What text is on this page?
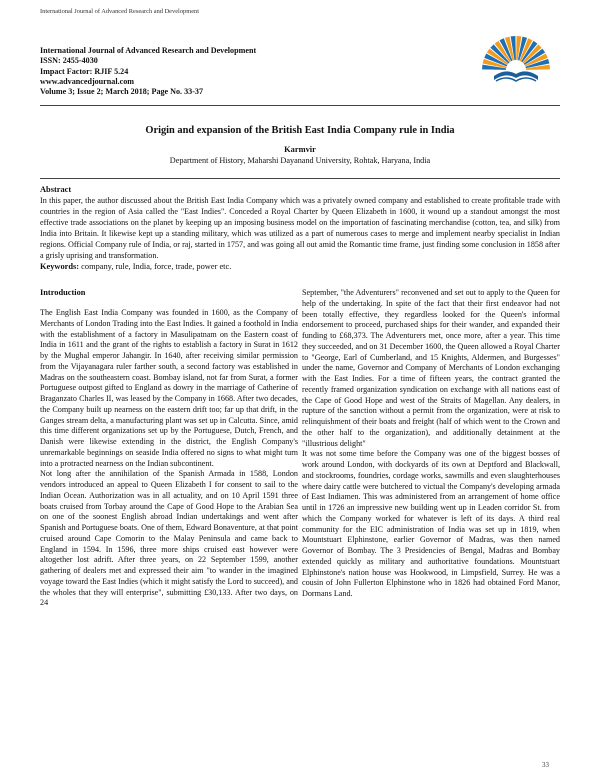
International Journal of Advanced Research and Development
International Journal of Advanced Research and Development
ISSN: 2455-4030
Impact Factor: RJIF 5.24
www.advancedjournal.com
Volume 3; Issue 2; March 2018; Page No. 33-37
Origin and expansion of the British East India Company rule in India
Karmvir
Department of History, Maharshi Dayanand University, Rohtak, Haryana, India
Abstract
In this paper, the author discussed about the British East India Company which was a privately owned company and established to create profitable trade with countries in the region of Asia called the "East Indies". Conceded a Royal Charter by Queen Elizabeth in 1600, it wound up a standout amongst the most effective trade associations on the planet by keeping up an imposing business model on the importation of fascinating merchandise (cotton, tea, and silk) from India into Britain. It likewise kept up a standing military, which was utilized as a part of numerous cases to merge and implement nearby specialist in Indian regions. Official Company rule of India, or raj, started in 1757, and was going all out amid the Romantic time frame, just finding some conclusion in 1858 after a grisly uprising and transformation.
Keywords: company, rule, India, force, trade, power etc.
Introduction

The English East India Company was founded in 1600, as the Company of Merchants of London Trading into the East Indies. It gained a foothold in India with the establishment of a factory in Masulipatnam on the Eastern coast of India in 1611 and the grant of the rights to establish a factory in Surat in 1612 by the Mughal emperor Jahangir. In 1640, after receiving similar permission from the Vijayanagara ruler farther south, a second factory was established in Madras on the southeastern coast. Bombay island, not far from Surat, a former Portuguese outpost gifted to England as dowry in the marriage of Catherine of Braganzato Charles II, was leased by the Company in 1668. After two decades, the Company built up nearness on the eastern drift too; far up that drift, in the Ganges stream delta, a manufacturing plant was set up in Calcutta. Since, amid this time different organizations set up by the Portuguese, Dutch, French, and Danish were likewise extending in the district, the English Company's unremarkable beginnings on seaside India offered no signs to what might turn into a protracted nearness on the Indian subcontinent.

Not long after the annihilation of the Spanish Armada in 1588, London vendors introduced an appeal to Queen Elizabeth I for consent to sail to the Indian Ocean. Authorization was in all actuality, and on 10 April 1591 three boats cruised from Torbay around the Cape of Good Hope to the Arabian Sea on one of the soonest English abroad Indian undertakings and went after Spanish and Portuguese boats. One of them, Edward Bonaventure, at that point cruised around Cape Comorin to the Malay Peninsula and came back to England in 1594. In 1596, three more ships cruised east however were altogether lost adrift. After three years, on 22 September 1599, another gathering of dealers met and expressed their aim "to wander in the imagined voyage toward the East Indies (which it might satisfy the Lord to succeed), and the wholes that they will enterprise", submitting £30,133. After two days, on 24

September, "the Adventurers" reconvened and set out to apply to the Queen for help of the undertaking. In spite of the fact that their first endeavor had not been totally effective, they regardless looked for the Queen's informal endorsement to proceed, purchased ships for their wander, and expanded their funding to £68,373. The Adventurers met, once more, after a year. This time they succeeded, and on 31 December 1600, the Queen allowed a Royal Charter to "George, Earl of Cumberland, and 15 Knights, Aldermen, and Burgesses" under the name, Governor and Company of Merchants of London exchanging with the East Indies. For a time of fifteen years, the contract granted the recently framed organization syndication on exchange with all nations east of the Cape of Good Hope and west of the Straits of Magellan. Any dealers, in rupture of the sanction without a permit from the organization, were at risk to relinquishment of their boats and freight (half of which went to the Crown and the other half to the organization), and additionally detainment at the "illustrious delight"

It was not some time before the Company was one of the biggest bosses of work around London, with dockyards of its own at Deptford and Blackwall, and stockrooms, foundries, cordage works, sawmills and even slaughterhouses where dairy cattle were butchered to victual the Company's developing armada of East Indiamen. This was administered from an arrangement of home office until in 1726 an impressive new building went up in Leaden corridor St. from which the Company worked for whatever is left of its days. A third real community for the EIC administration of India was set up in 1819, when Mountstuart Elphinstone, earlier Governor of Madras, was then named Governor of Bombay. The 3 Presidencies of Bengal, Madras and Bombay extended quickly as military and authoritative foundations. Mountstuart Elphinstone's nation house was Hookwood, in Limpsfield, Surrey. He was a cousin of John Fullerton Elphinstone who in 1826 had obtained Ford Manor, Dormans Land.

33
